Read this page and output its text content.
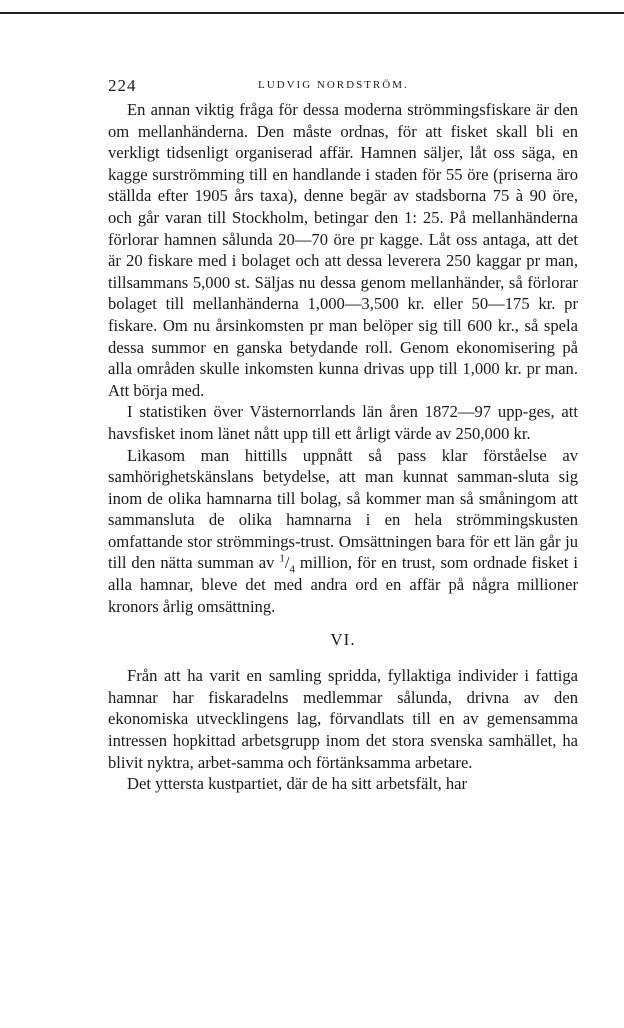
224	LUDVIG NORDSTRÖM.

En annan viktig fråga för dessa moderna strömmingsfiskare är den om mellanhänderna. Den måste ordnas, för att fisket skall bli en verkligt tidsenligt organiserad affär. Hamnen säljer, låt oss säga, en kagge surströmming till en handlande i staden för 55 öre (priserna äro ställda efter 1905 års taxa), denne begär av stadsborna 75 à 90 öre, och går varan till Stockholm, betingar den 1: 25. På mellanhänderna förlorar hamnen sålunda 20—70 öre pr kagge. Låt oss antaga, att det är 20 fiskare med i bolaget och att dessa leverera 250 kaggar pr man, tillsammans 5,000 st. Säljas nu dessa genom mellanhänder, så förlorar bolaget till mellanhänderna 1,000—3,500 kr. eller 50—175 kr. pr fiskare. Om nu årsinkomsten pr man belöper sig till 600 kr., så spela dessa summor en ganska betydande roll. Genom ekonomisering på alla områden skulle inkomsten kunna drivas upp till 1,000 kr. pr man. Att börja med.

I statistiken över Västernorrlands län åren 1872—97 upp-ges, att havsfisket inom länet nått upp till ett årligt värde av 250,000 kr.

Likasom man hittills uppnått så pass klar förståelse av samhörighetskänslans betydelse, att man kunnat samman-sluta sig inom de olika hamnarna till bolag, så kommer man så småningom att sammansluta de olika hamnarna i en hela strömmingskusten omfattande stor strömmings-trust. Omsättningen bara för ett län går ju till den nätta summan av $^1/_4$ million, för en trust, som ordnade fisket i alla hamnar, bleve det med andra ord en affär på några millioner kronors årlig omsättning.

VI.

Från att ha varit en samling spridda, fyllaktiga individer i fattiga hamnar har fiskaradelns medlemmar sålunda, drivna av den ekonomiska utvecklingens lag, förvandlats till en av gemensamma intressen hopkittad arbetsgrupp inom det stora svenska samhället, ha blivit nyktra, arbet-samma och förtänksamma arbetare.

Det yttersta kustpartiet, där de ha sitt arbetsfält, har
